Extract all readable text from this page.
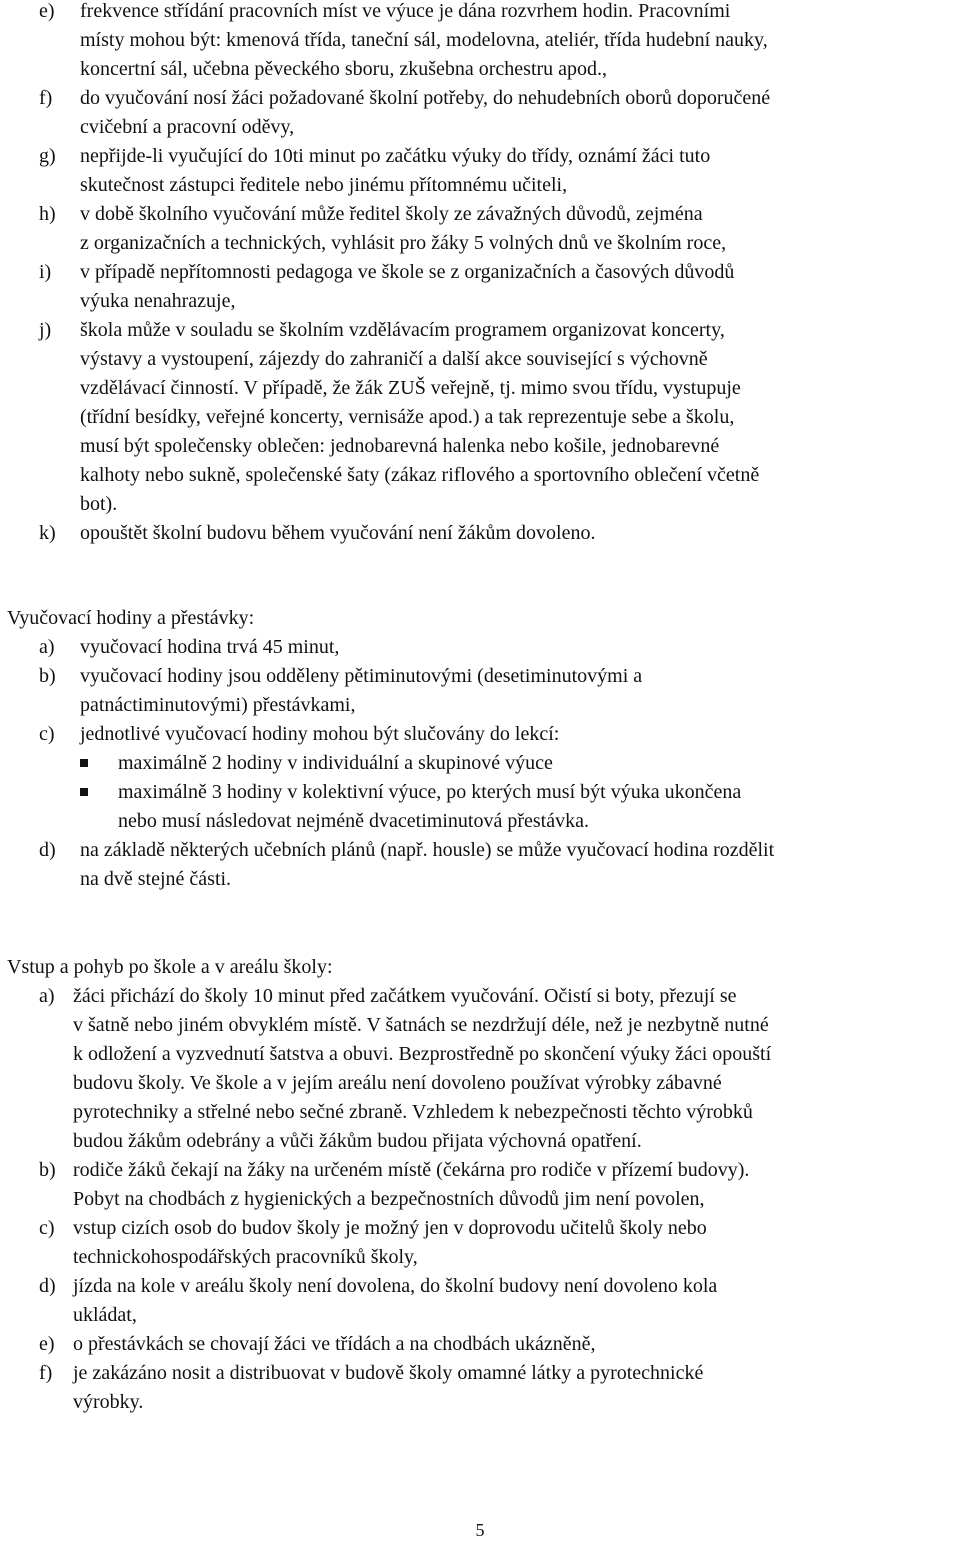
e)	frekvence střídání pracovních míst ve výuce je dána rozvrhem hodin. Pracovními
místy mohou být: kmenová třída, taneční sál, modelovna, ateliér, třída hudební nauky,
koncertní sál, učebna pěveckého sboru, zkušebna orchestru apod.,
f)	do vyučování nosí žáci požadované školní potřeby, do nehudebních oborů doporučené
cvičební a pracovní oděvy,
g)	nepřijde-li vyučující do 10ti minut po začátku výuky do třídy, oznámí žáci tuto
skutečnost zástupci ředitele nebo jinému přítomnému učiteli,
h)	v době školního vyučování může ředitel školy ze závažných důvodů, zejména
z organizačních a technických, vyhlásit pro žáky 5 volných dnů ve školním roce,
i)	v případě nepřítomnosti pedagoga ve škole se z organizačních a časových důvodů
výuka nenahrazuje,
j)	škola může v souladu se školním vzdělávacím programem organizovat koncerty,
výstavy a vystoupení, zájezdy do zahraničí a další akce související s výchovně
vzdělávací činností. V případě, že žák ZUŠ veřejně, tj. mimo svou třídu, vystupuje
(třídní besídky, veřejné koncerty, vernisáže apod.) a tak reprezentuje sebe a školu,
musí být společensky oblečen: jednobarevná halenka nebo košile, jednobarevné
kalhoty nebo sukně, společenské šaty (zákaz riflového a sportovního oblečení včetně
bot).
k)	opouštět školní budovu během vyučování není žákům dovoleno.
Vyučovací hodiny a přestávky:
a)	vyučovací hodina trvá 45 minut,
b)	vyučovací hodiny jsou odděleny pětiminutovými (desetiminutovými a
patnáctiminutovými) přestávkami,
c)	jednotlivé vyučovací hodiny mohou být slučovány do lekcí:
maximálně 2 hodiny v individuální a skupinové výuce
maximálně 3 hodiny v kolektivní výuce, po kterých musí být výuka ukončena
nebo musí následovat nejméně dvacetiminutová přestávka.
d)	na základě některých učebních plánů (např. housle) se může vyučovací hodina rozdělit
na dvě stejné části.
Vstup a pohyb po škole a v areálu školy:
a) žáci přichází do školy 10 minut před začátkem vyučování. Očistí si boty, přezují se
v šatně nebo jiném obvyklém místě. V šatnách se nezdržují déle, než je nezbytně nutné
k odložení a vyzvednutí šatstva a obuvi. Bezprostředně po skončení výuky žáci opouští
budovu školy. Ve škole a v jejím areálu není dovoleno používat výrobky zábavné
pyrotechniky a střelné nebo sečné zbraně. Vzhledem k nebezpečnosti těchto výrobků
budou žákům odebrány a vůči žákům budou přijata výchovná opatření.
b) rodiče žáků čekají na žáky na určeném místě (čekárna pro rodiče v přízemí budovy).
Pobyt na chodbách z hygienických a bezpečnostních důvodů jim není povolen,
c) vstup cizích osob do budov školy je možný jen v doprovodu učitelů školy nebo
technickohospodářských pracovníků školy,
d) jízda na kole v areálu školy není dovolena, do školní budovy není dovoleno kola
ukládat,
e) o přestávkách se chovají žáci ve třídách a na chodbách ukázněně,
f)	je zakázáno nosit a distribuovat v budově školy omamné látky a pyrotechnické
výrobky.
5
